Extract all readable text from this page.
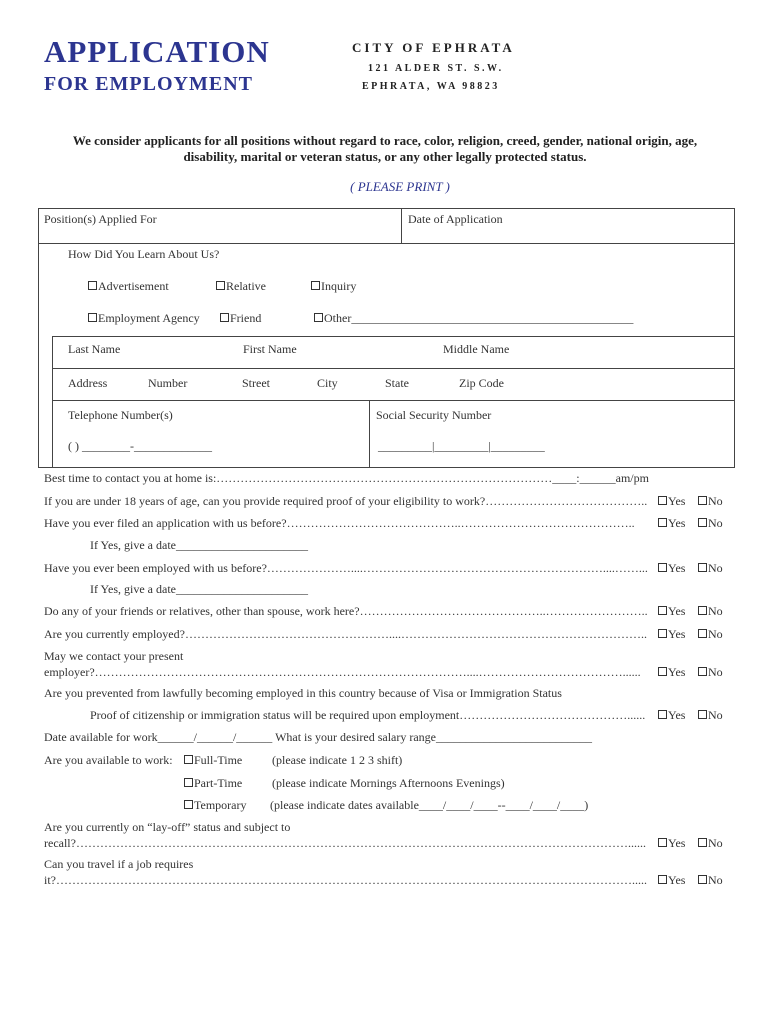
APPLICATION
FOR EMPLOYMENT
CITY OF EPHRATA
121 ALDER ST. S.W.
EPHRATA, WA 98823
We consider applicants for all positions without regard to race, color, religion, creed, gender, national origin, age,
disability, marital or veteran status, or any other legally protected status.
( PLEASE PRINT )
Position(s) Applied For	Date of Application
How Did You Learn About Us?
Advertisement	Relative	Inquiry
Employment Agency	Friend	Other_______________________________________________
Last Name	First Name	Middle Name
Address	Number	Street	City	State	Zip Code
Telephone Number(s)	Social Security Number
( ) ________-_____________	_________|_________|_________
Best time to contact you at home is:…………………………………………………………………………____:______am/pm
If you are under 18 years of age, can you provide required proof of your eligibility to work?…………………………………..	Yes	No
Have you ever filed an application with us before?……………………………………..……………………………………..	Yes	No
If Yes, give a date______________________
Have you ever been employed with us before?…………………....……………………………………………………....……...	Yes	No
If Yes, give a date______________________
Do any of your friends or relatives, other than spouse, work here?………………………………………..……………………..	Yes	No
Are you currently employed?……………………………………………....……………………………………………………..	Yes	No
May we contact your present
employer?…………………………………………………………………………………....………………………………......	Yes	No
Are you prevented from lawfully becoming employed in this country because of Visa or Immigration Status
Proof of citizenship or immigration status will be required upon employment……………………………………......	Yes	No
Date available for work______/______/______ What is your desired salary range__________________________
Are you available to work:	Full-Time (please indicate 1 2 3 shift)
Part-Time (please indicate Mornings Afternoons Evenings)
Temporary (please indicate dates available____/____/____--____/____/____)
Are you currently on “lay-off” status and subject to
recall?…………………………………………………………………………………………………………………………......	Yes	No
Can you travel if a job requires
it?……………………………………………………………………………………………………………………………….....	Yes	No
